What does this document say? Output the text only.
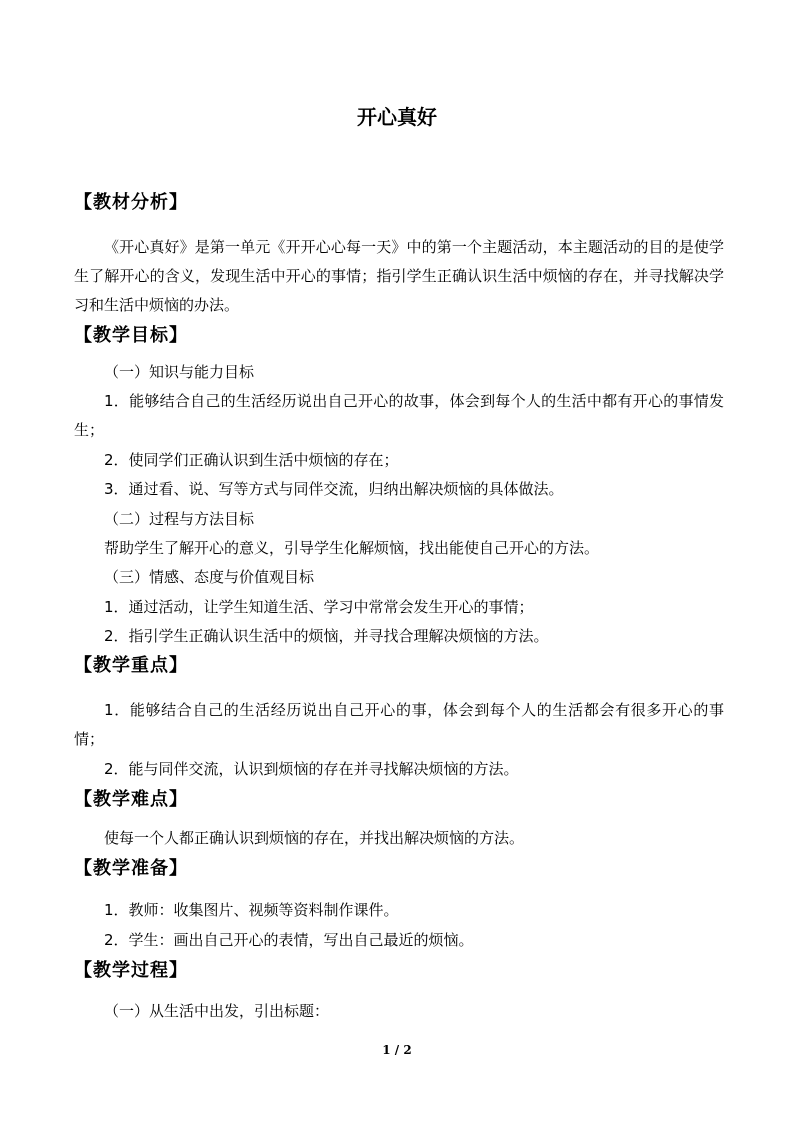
开心真好
【教材分析】
《开心真好》是第一单元《开开心心每一天》中的第一个主题活动，本主题活动的目的是使学生了解开心的含义，发现生活中开心的事情；指引学生正确认识生活中烦恼的存在，并寻找解决学习和生活中烦恼的办法。
【教学目标】
（一）知识与能力目标
1．能够结合自己的生活经历说出自己开心的故事，体会到每个人的生活中都有开心的事情发生；
2．使同学们正确认识到生活中烦恼的存在；
3．通过看、说、写等方式与同伴交流，归纳出解决烦恼的具体做法。
（二）过程与方法目标
帮助学生了解开心的意义，引导学生化解烦恼，找出能使自己开心的方法。
（三）情感、态度与价值观目标
1．通过活动，让学生知道生活、学习中常常会发生开心的事情；
2．指引学生正确认识生活中的烦恼，并寻找合理解决烦恼的方法。
【教学重点】
1．能够结合自己的生活经历说出自己开心的事，体会到每个人的生活都会有很多开心的事情；
2．能与同伴交流，认识到烦恼的存在并寻找解决烦恼的方法。
【教学难点】
使每一个人都正确认识到烦恼的存在，并找出解决烦恼的方法。
【教学准备】
1．教师：收集图片、视频等资料制作课件。
2．学生：画出自己开心的表情，写出自己最近的烦恼。
【教学过程】
（一）从生活中出发，引出标题：
1 / 2
